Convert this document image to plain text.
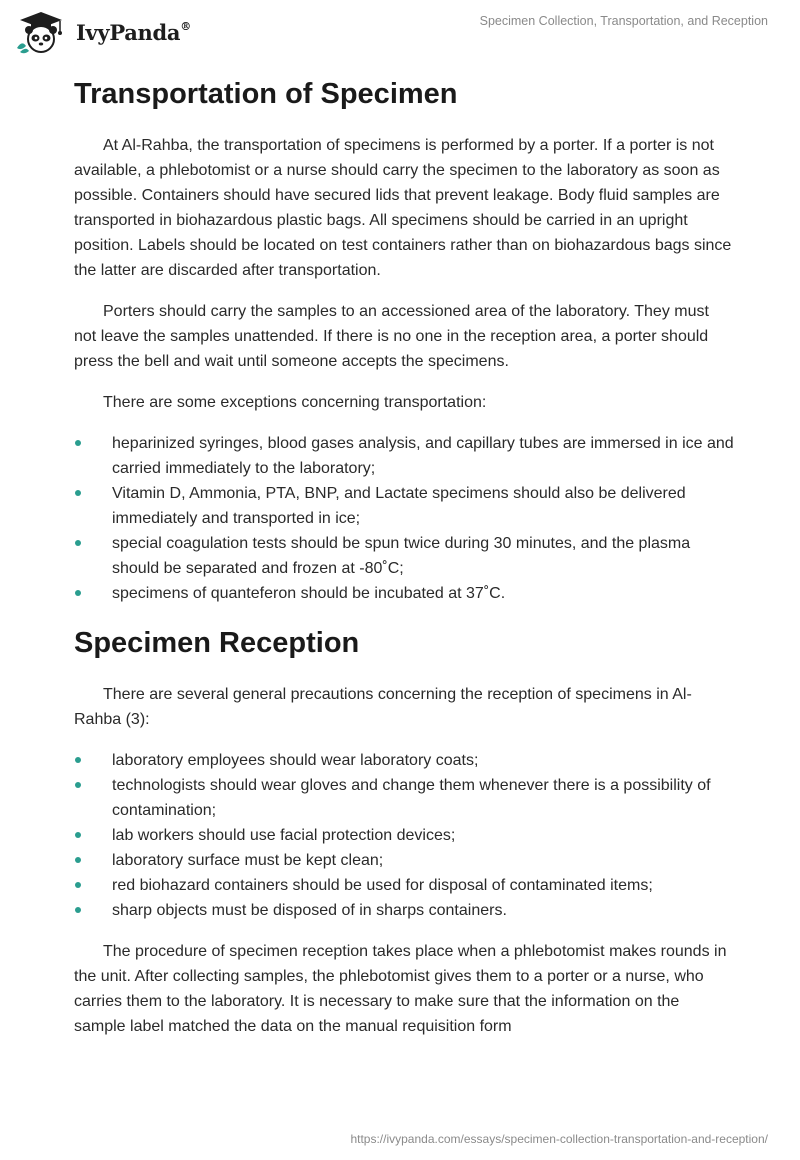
IvyPanda®	Specimen Collection, Transportation, and Reception
Transportation of Specimen

At Al-Rahba, the transportation of specimens is performed by a porter. If a porter is not available, a phlebotomist or a nurse should carry the specimen to the laboratory as soon as possible. Containers should have secured lids that prevent leakage. Body fluid samples are transported in biohazardous plastic bags. All specimens should be carried in an upright position. Labels should be located on test containers rather than on biohazardous bags since the latter are discarded after transportation.

Porters should carry the samples to an accessioned area of the laboratory. They must not leave the samples unattended. If there is no one in the reception area, a porter should press the bell and wait until someone accepts the specimens.

There are some exceptions concerning transportation:

heparinized syringes, blood gases analysis, and capillary tubes are immersed in ice and carried immediately to the laboratory;
Vitamin D, Ammonia, PTA, BNP, and Lactate specimens should also be delivered immediately and transported in ice;
special coagulation tests should be spun twice during 30 minutes, and the plasma should be separated and frozen at -80˚C;
specimens of quanteferon should be incubated at 37˚C.
Specimen Reception

There are several general precautions concerning the reception of specimens in Al-Rahba (3):

laboratory employees should wear laboratory coats;
technologists should wear gloves and change them whenever there is a possibility of contamination;
lab workers should use facial protection devices;
laboratory surface must be kept clean;
red biohazard containers should be used for disposal of contaminated items;
sharp objects must be disposed of in sharps containers.

The procedure of specimen reception takes place when a phlebotomist makes rounds in the unit. After collecting samples, the phlebotomist gives them to a porter or a nurse, who carries them to the laboratory. It is necessary to make sure that the information on the sample label matched the data on the manual requisition form

https://ivypanda.com/essays/specimen-collection-transportation-and-reception/
